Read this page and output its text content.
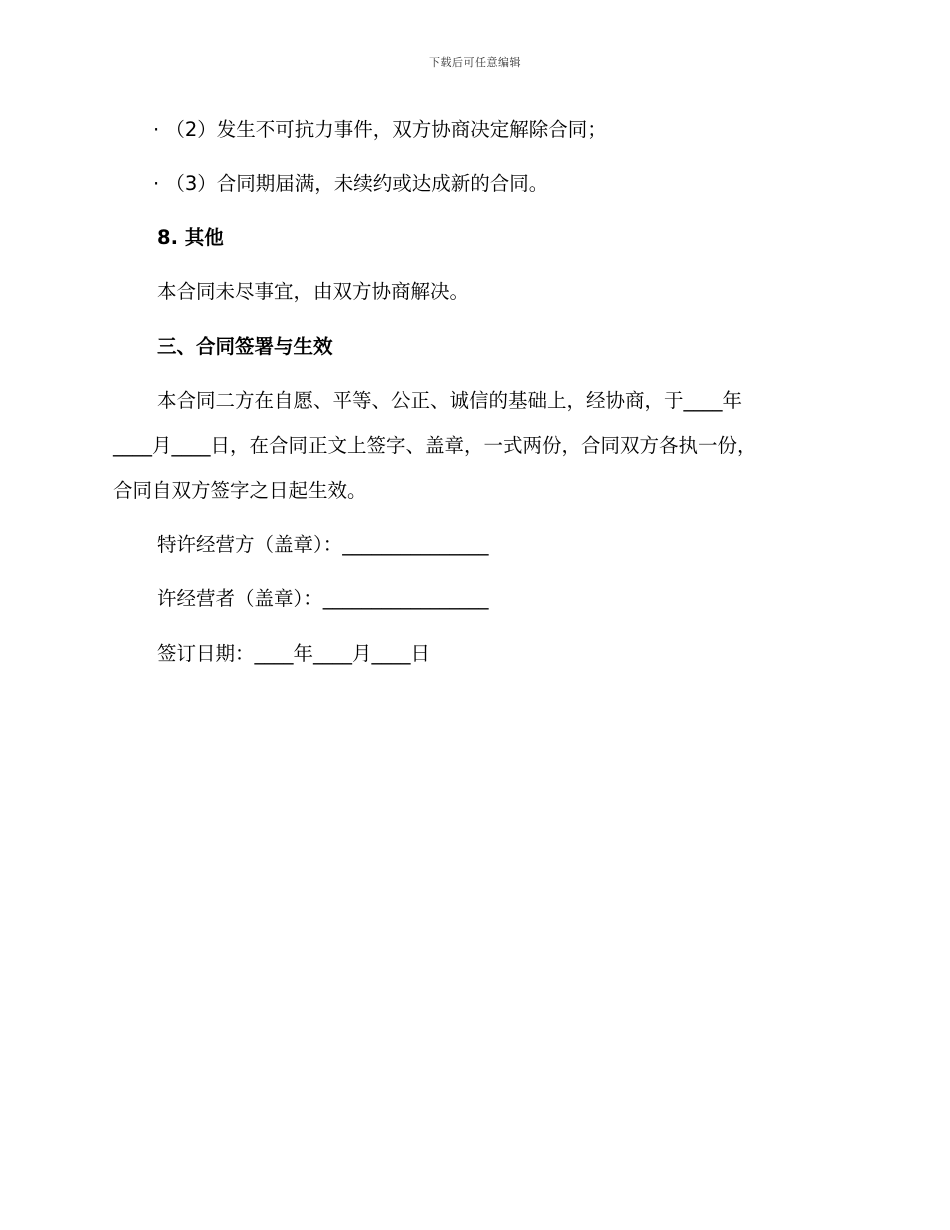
下载后可任意编辑
· （2）发生不可抗力事件，双方协商决定解除合同；
· （3）合同期届满，未续约或达成新的合同。
8. 其他
本合同未尽事宜，由双方协商解决。
三、合同签署与生效
本合同二方在自愿、平等、公正、诚信的基础上，经协商，于____年
____月____日，在合同正文上签字、盖章，一式两份，合同双方各执一份，
合同自双方签字之日起生效。
特许经营方（盖章）：_______________
许经营者（盖章）：_________________
签订日期：____年____月____日
